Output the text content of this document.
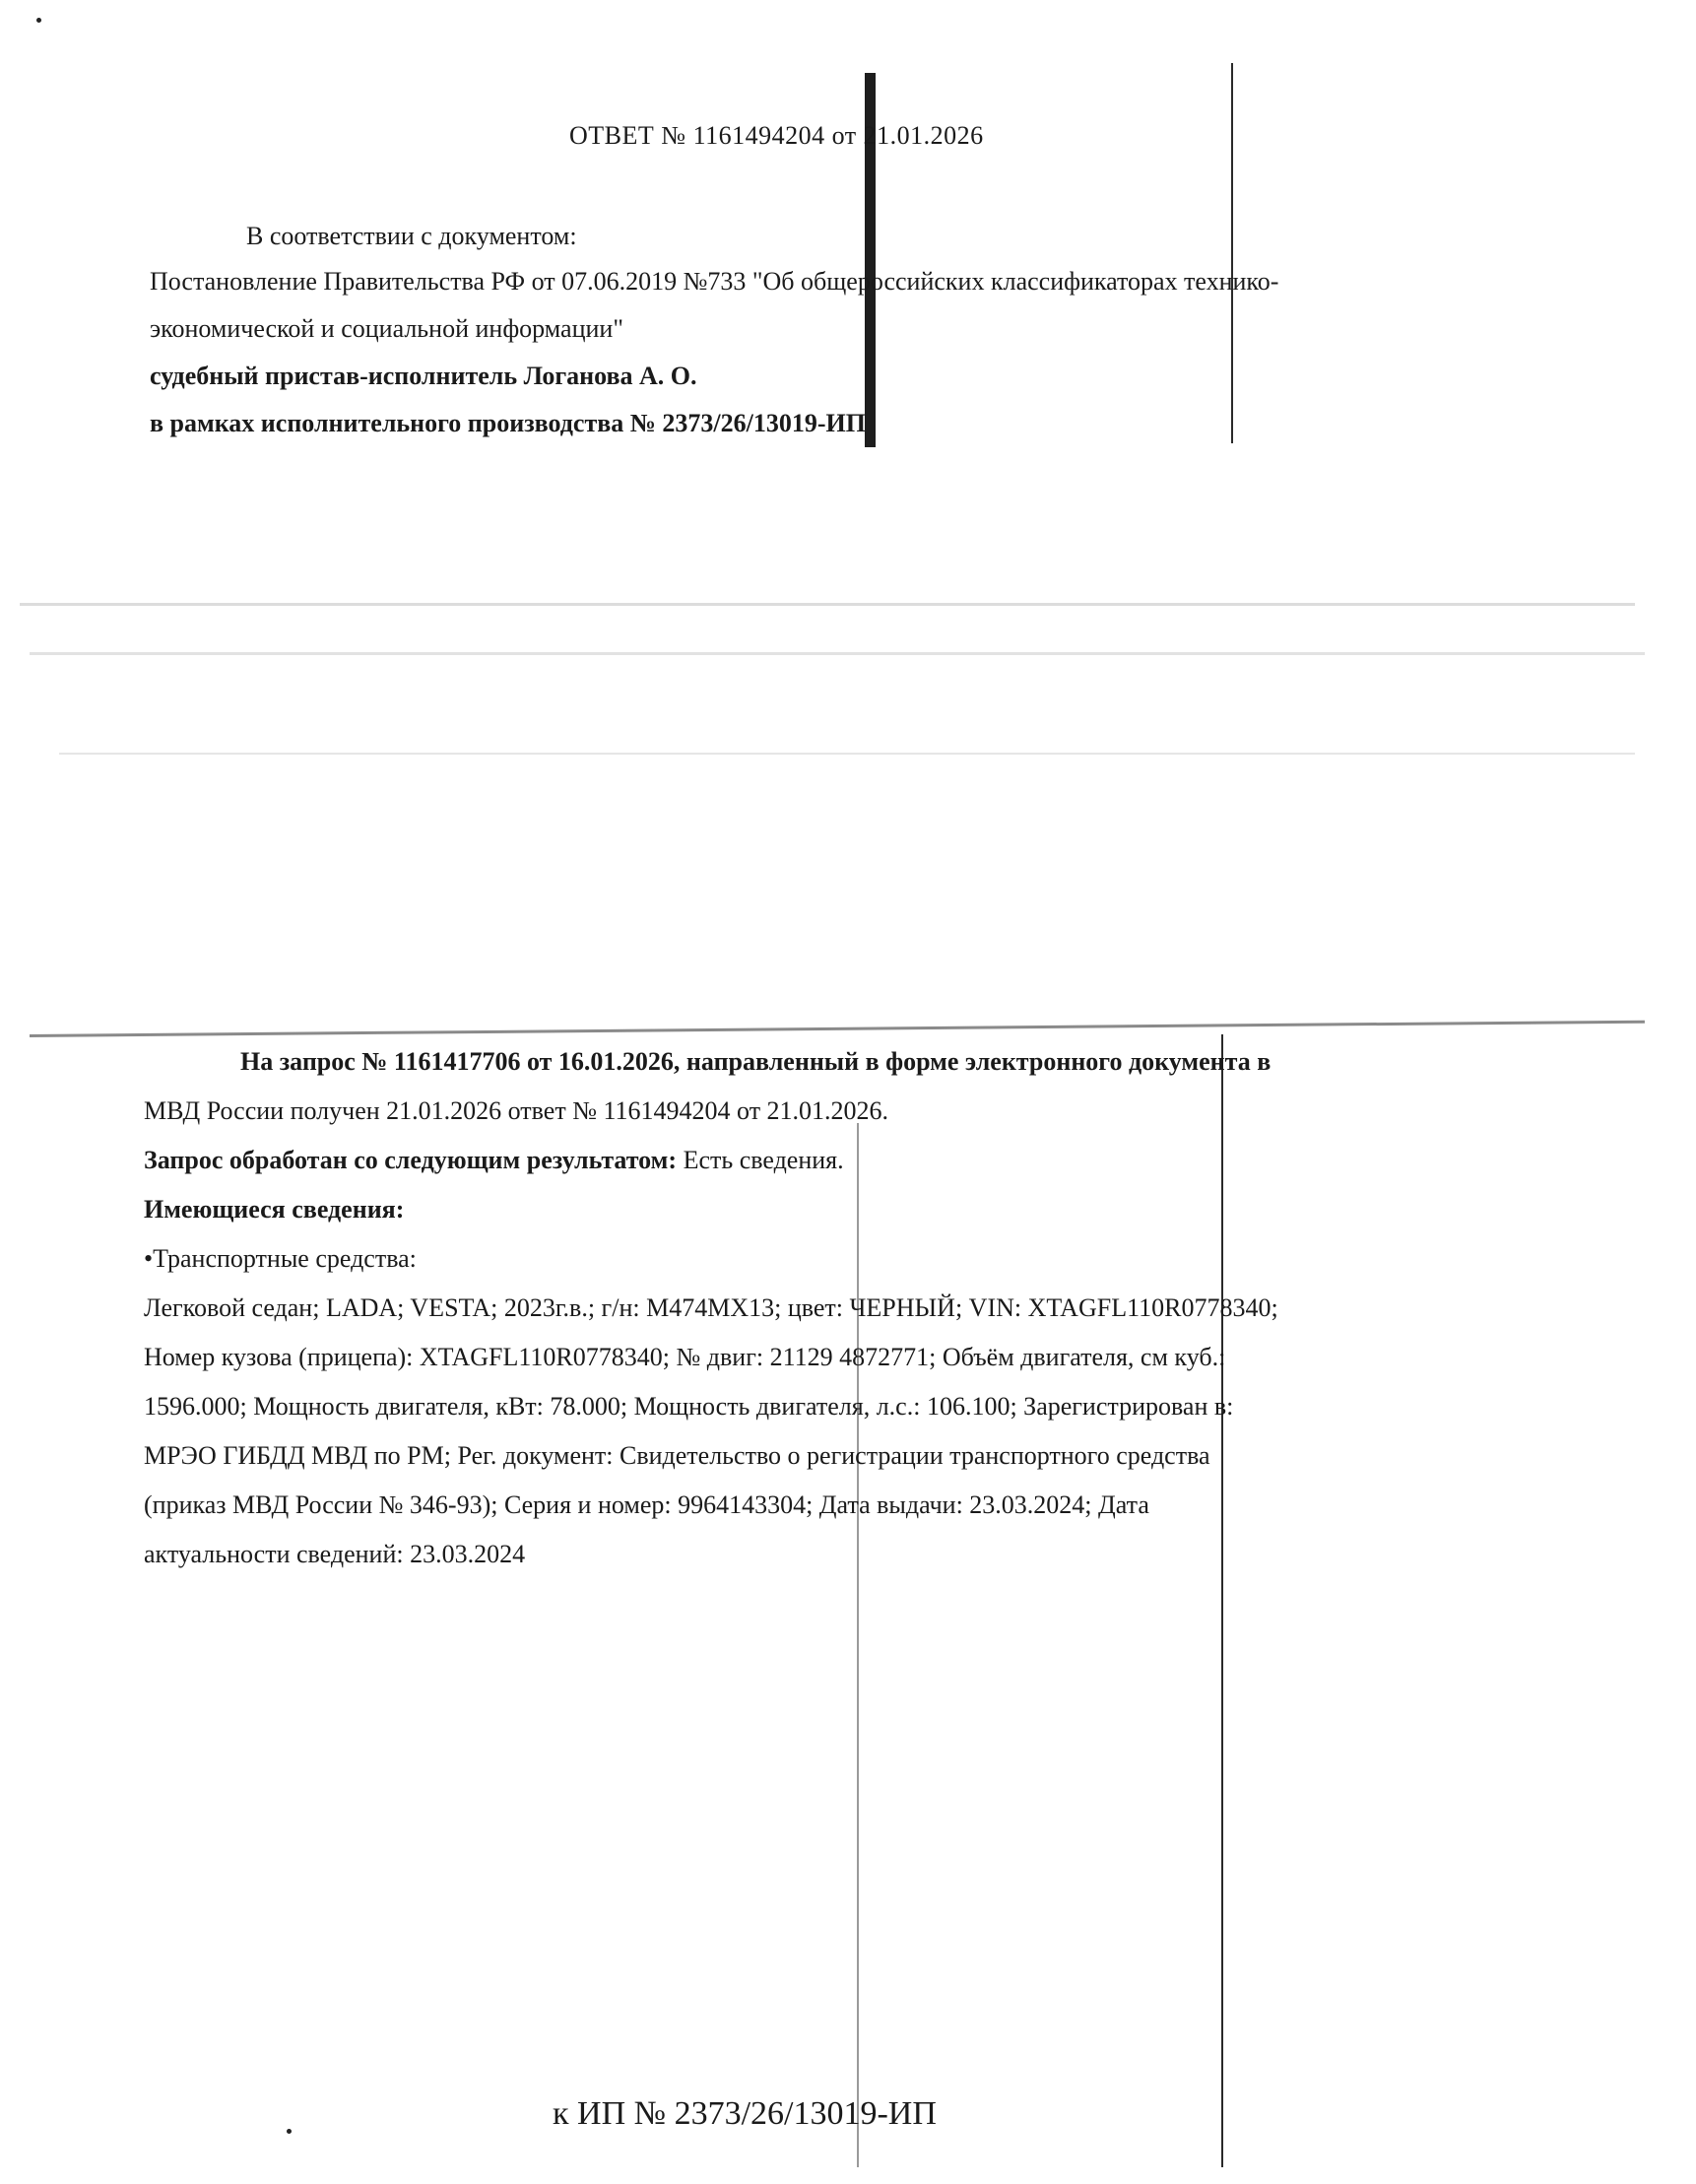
ОТВЕТ № 1161494204 от 21.01.2026
В соответствии с документом:
Постановление Правительства РФ от 07.06.2019 №733 "Об общероссийских классификаторах технико-
экономической и социальной информации"
судебный пристав-исполнитель Логанова А. О.
в рамках исполнительного производства № 2373/26/13019-ИП
На запрос № 1161417706 от 16.01.2026, направленный в форме электронного документа в
МВД России получен 21.01.2026 ответ № 1161494204 от 21.01.2026.
Запрос обработан со следующим результатом: Есть сведения.
Имеющиеся сведения:
•Транспортные средства:
Легковой седан; LADA; VESTA; 2023г.в.; г/н: М474МХ13; цвет: ЧЕРНЫЙ; VIN: XTAGFL110R0778340;
Номер кузова (прицепа): XTAGFL110R0778340; № двиг: 21129 4872771; Объём двигателя, см куб.:
1596.000; Мощность двигателя, кВт: 78.000; Мощность двигателя, л.с.: 106.100; Зарегистрирован в:
МРЭО ГИБДД МВД по РМ; Рег. документ: Свидетельство о регистрации транспортного средства
(приказ МВД России № 346-93); Серия и номер: 9964143304; Дата выдачи: 23.03.2024; Дата
актуальности сведений: 23.03.2024
к ИП № 2373/26/13019-ИП
